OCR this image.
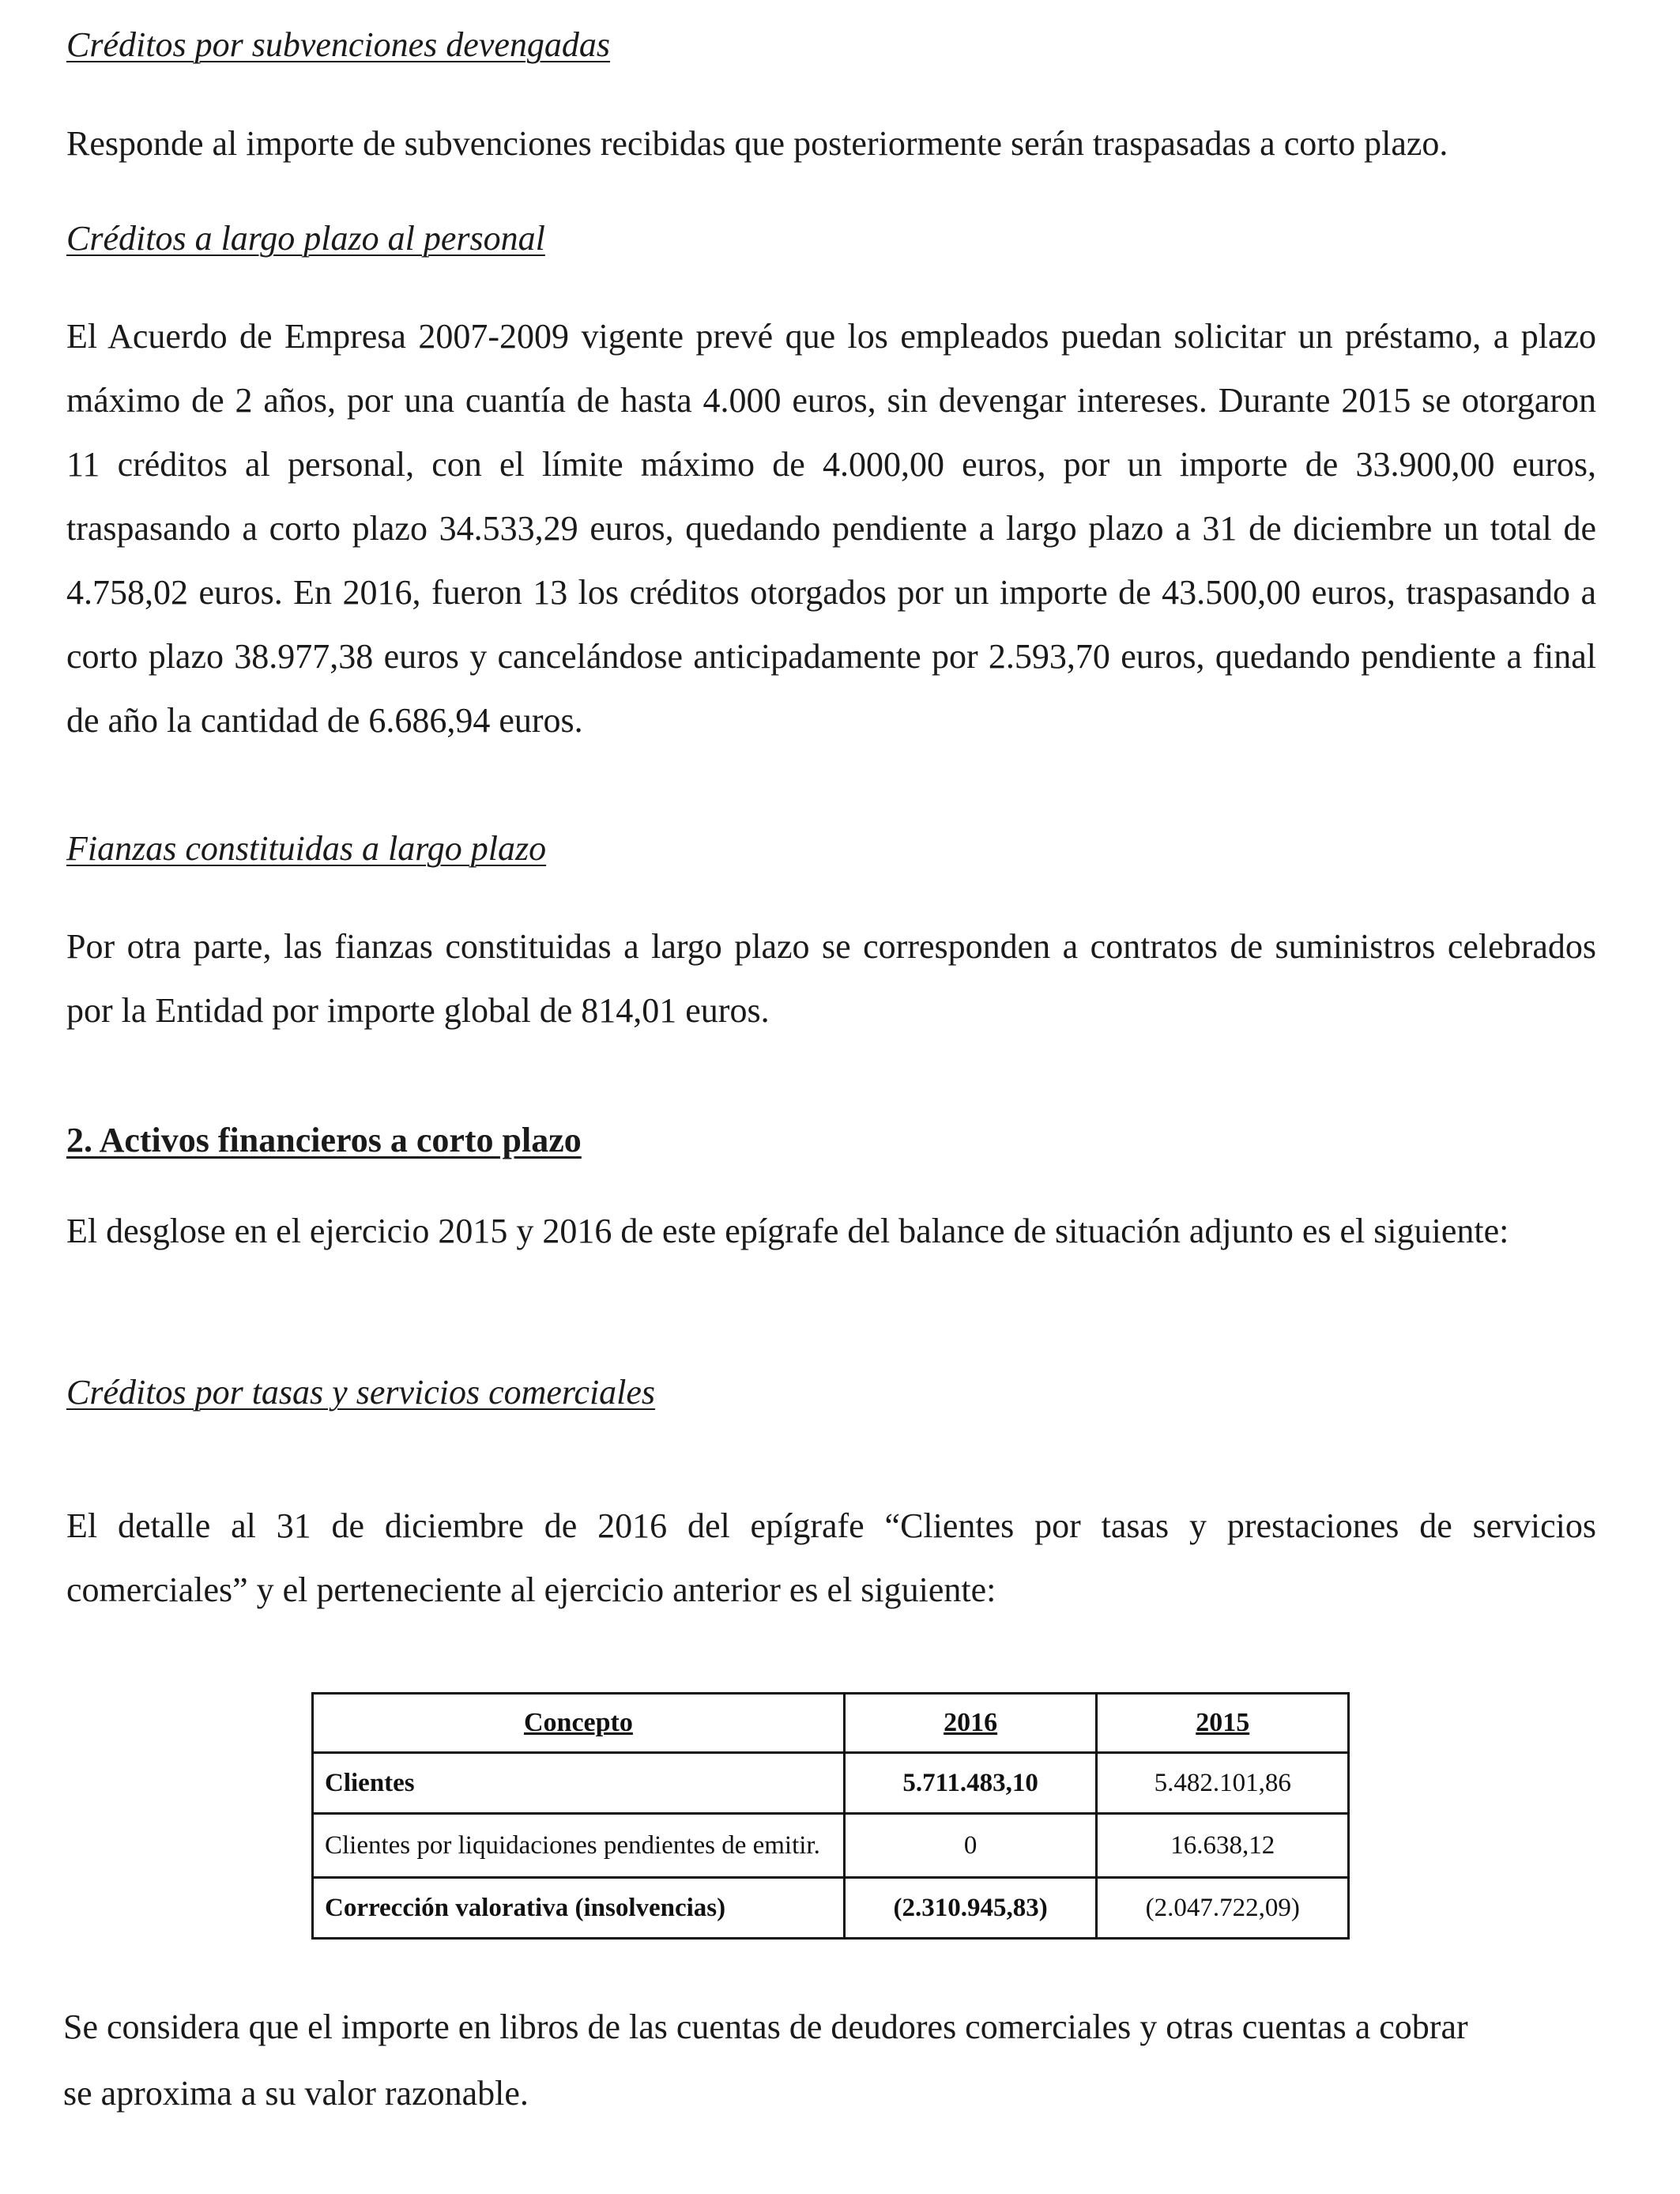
Créditos por subvenciones devengadas

Responde al importe de subvenciones recibidas que posteriormente serán traspasadas a corto plazo.

Créditos a largo plazo al personal

El Acuerdo de Empresa 2007-2009 vigente prevé que los empleados puedan solicitar un préstamo, a plazo máximo de 2 años, por una cuantía de hasta 4.000 euros, sin devengar intereses. Durante 2015 se otorgaron 11 créditos al personal, con el límite máximo de 4.000,00 euros, por un importe de 33.900,00 euros, traspasando a corto plazo 34.533,29 euros, quedando pendiente a largo plazo a 31 de diciembre un total de 4.758,02 euros. En 2016, fueron 13 los créditos otorgados por un importe de 43.500,00 euros, traspasando a corto plazo 38.977,38 euros y cancelándose anticipadamente por 2.593,70 euros, quedando pendiente a final de año la cantidad de 6.686,94 euros.

Fianzas constituidas a largo plazo

Por otra parte, las fianzas constituidas a largo plazo se corresponden a contratos de suministros celebrados por la Entidad por importe global de 814,01 euros.

2. Activos financieros a corto plazo

El desglose en el ejercicio 2015 y 2016 de este epígrafe del balance de situación adjunto es el siguiente:

Créditos por tasas y servicios comerciales

El detalle al 31 de diciembre de 2016 del epígrafe “Clientes por tasas y prestaciones de servicios comerciales” y el perteneciente al ejercicio anterior es el siguiente:

Concepto	2016	2015
Clientes	5.711.483,10	5.482.101,86
Clientes por liquidaciones pendientes de emitir.	0	16.638,12
Corrección valorativa (insolvencias)	(2.310.945,83)	(2.047.722,09)

Se considera que el importe en libros de las cuentas de deudores comerciales y otras cuentas a cobrar

se aproxima a su valor razonable.
